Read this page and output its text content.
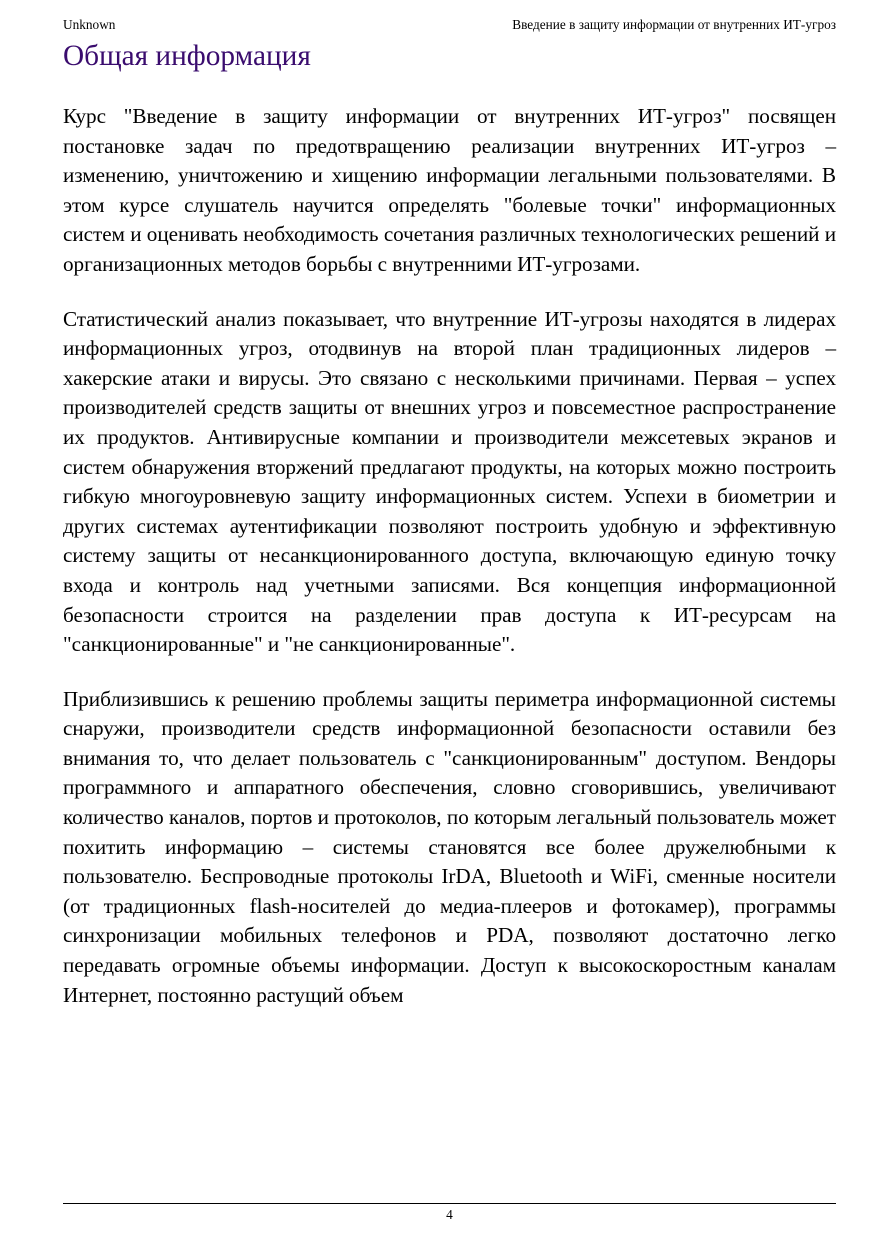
Unknown	Введение в защиту информации от внутренних ИТ-угроз
Общая информация

Курс "Введение в защиту информации от внутренних ИТ-угроз" посвящен постановке задач по предотвращению реализации внутренних ИТ-угроз – изменению, уничтожению и хищению информации легальными пользователями. В этом курсе слушатель научится определять "болевые точки" информационных систем и оценивать необходимость сочетания различных технологических решений и организационных методов борьбы с внутренними ИТ-угрозами.

Статистический анализ показывает, что внутренние ИТ-угрозы находятся в лидерах информационных угроз, отодвинув на второй план традиционных лидеров – хакерские атаки и вирусы. Это связано с несколькими причинами. Первая – успех производителей средств защиты от внешних угроз и повсеместное распространение их продуктов. Антивирусные компании и производители межсетевых экранов и систем обнаружения вторжений предлагают продукты, на которых можно построить гибкую многоуровневую защиту информационных систем. Успехи в биометрии и других системах аутентификации позволяют построить удобную и эффективную систему защиты от несанкционированного доступа, включающую единую точку входа и контроль над учетными записями. Вся концепция информационной безопасности строится на разделении прав доступа к ИТ-ресурсам на "санкционированные" и "не санкционированные".

Приблизившись к решению проблемы защиты периметра информационной системы снаружи, производители средств информационной безопасности оставили без внимания то, что делает пользователь с "санкционированным" доступом. Вендоры программного и аппаратного обеспечения, словно сговорившись, увеличивают количество каналов, портов и протоколов, по которым легальный пользователь может похитить информацию – системы становятся все более дружелюбными к пользователю. Беспроводные протоколы IrDA, Bluetooth и WiFi, сменные носители (от традиционных flash-носителей до медиа-плееров и фотокамер), программы синхронизации мобильных телефонов и PDA, позволяют достаточно легко передавать огромные объемы информации. Доступ к высокоскоростным каналам Интернет, постоянно растущий объем

4
